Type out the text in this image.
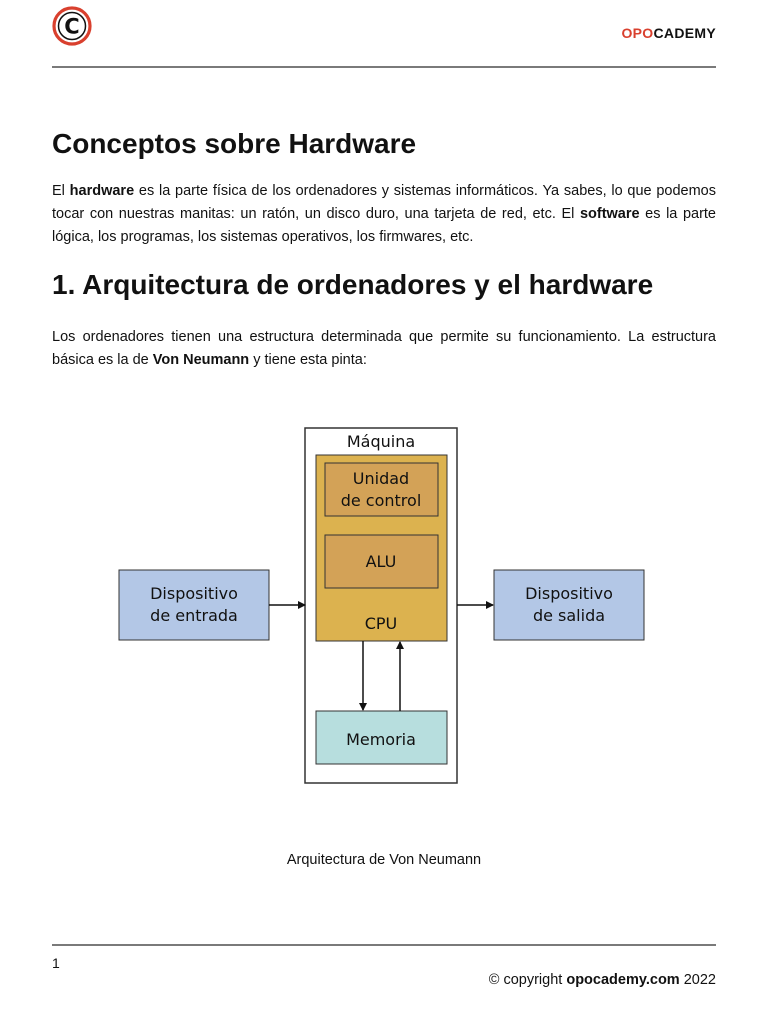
C	OPOCADEMY
Conceptos sobre Hardware

El hardware es la parte física de los ordenadores y sistemas informáticos. Ya sabes, lo que podemos tocar con nuestras manitas: un ratón, un disco duro, una tarjeta de red, etc. El software es la parte lógica, los programas, los sistemas operativos, los firmwares, etc.

1. Arquitectura de ordenadores y el hardware

Los ordenadores tienen una estructura determinada que permite su funcionamiento. La estructura básica es la de Von Neumann y tiene esta pinta:

Máquina
Unidad
de control
ALU
CPU
Dispositivo
de entrada
Dispositivo
de salida
Memoria
Arquitectura de Von Neumann
1
© copyright opocademy.com 2022
